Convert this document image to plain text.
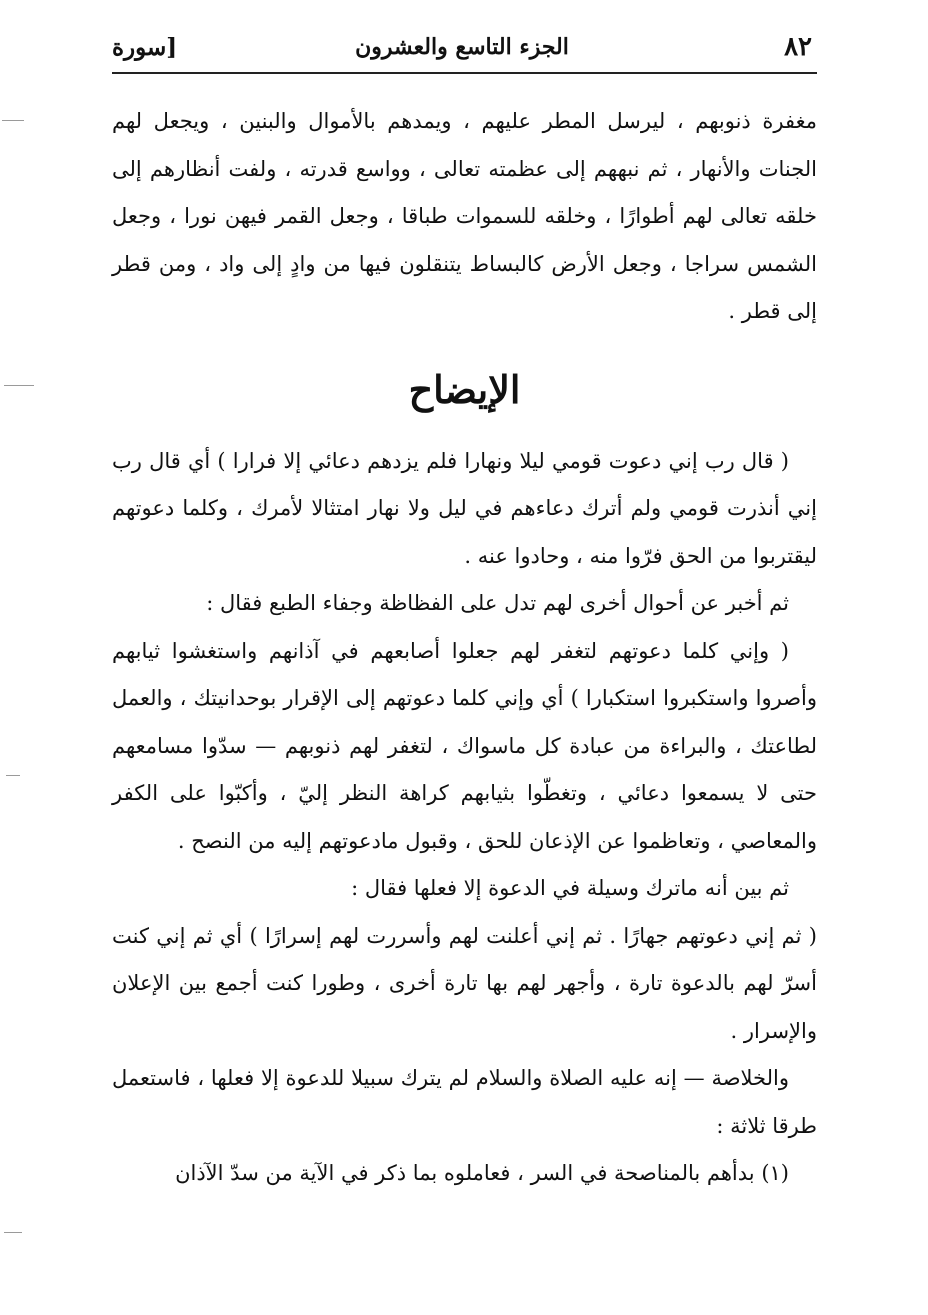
٨٢
الجزء التاسع والعشرون
[سورة

مغفرة ذنوبهم ، ليرسل المطر عليهم ، ويمدهم بالأموال والبنين ، ويجعل لهم الجنات والأنهار ، ثم نبههم إلى عظمته تعالى ، وواسع قدرته ، ولفت أنظارهم إلى خلقه تعالى لهم أطوارًا ، وخلقه للسموات طباقا ، وجعل القمر فيهن نورا ، وجعل الشمس سراجا ، وجعل الأرض كالبساط يتنقلون فيها من وادٍ إلى واد ، ومن قطر إلى قطر .

الإيضاح

( قال رب إني دعوت قومي ليلا ونهارا فلم يزدهم دعائي إلا فرارا ) أي قال رب إني أنذرت قومي ولم أترك دعاءهم في ليل ولا نهار امتثالا لأمرك ، وكلما دعوتهم ليقتربوا من الحق فرّوا منه ، وحادوا عنه .

ثم أخبر عن أحوال أخرى لهم تدل على الفظاظة وجفاء الطبع فقال :

( وإني كلما دعوتهم لتغفر لهم جعلوا أصابعهم في آذانهم واستغشوا ثيابهم وأصروا واستكبروا استكبارا ) أي وإني كلما دعوتهم إلى الإقرار بوحدانيتك ، والعمل لطاعتك ، والبراءة من عبادة كل ماسواك ، لتغفر لهم ذنوبهم — سدّوا مسامعهم حتى لا يسمعوا دعائي ، وتغطّوا بثيابهم كراهة النظر إليّ ، وأكبّوا على الكفر والمعاصي ، وتعاظموا عن الإذعان للحق ، وقبول مادعوتهم إليه من النصح .

ثم بين أنه ماترك وسيلة في الدعوة إلا فعلها فقال :

( ثم إني دعوتهم جهارًا . ثم إني أعلنت لهم وأسررت لهم إسرارًا ) أي ثم إني كنت أسرّ لهم بالدعوة تارة ، وأجهر لهم بها تارة أخرى ، وطورا كنت أجمع بين الإعلان والإسرار .

والخلاصة — إنه عليه الصلاة والسلام لم يترك سبيلا للدعوة إلا فعلها ، فاستعمل طرقا ثلاثة :

(١) بدأهم بالمناصحة في السر ، فعاملوه بما ذكر في الآية من سدّ الآذان
